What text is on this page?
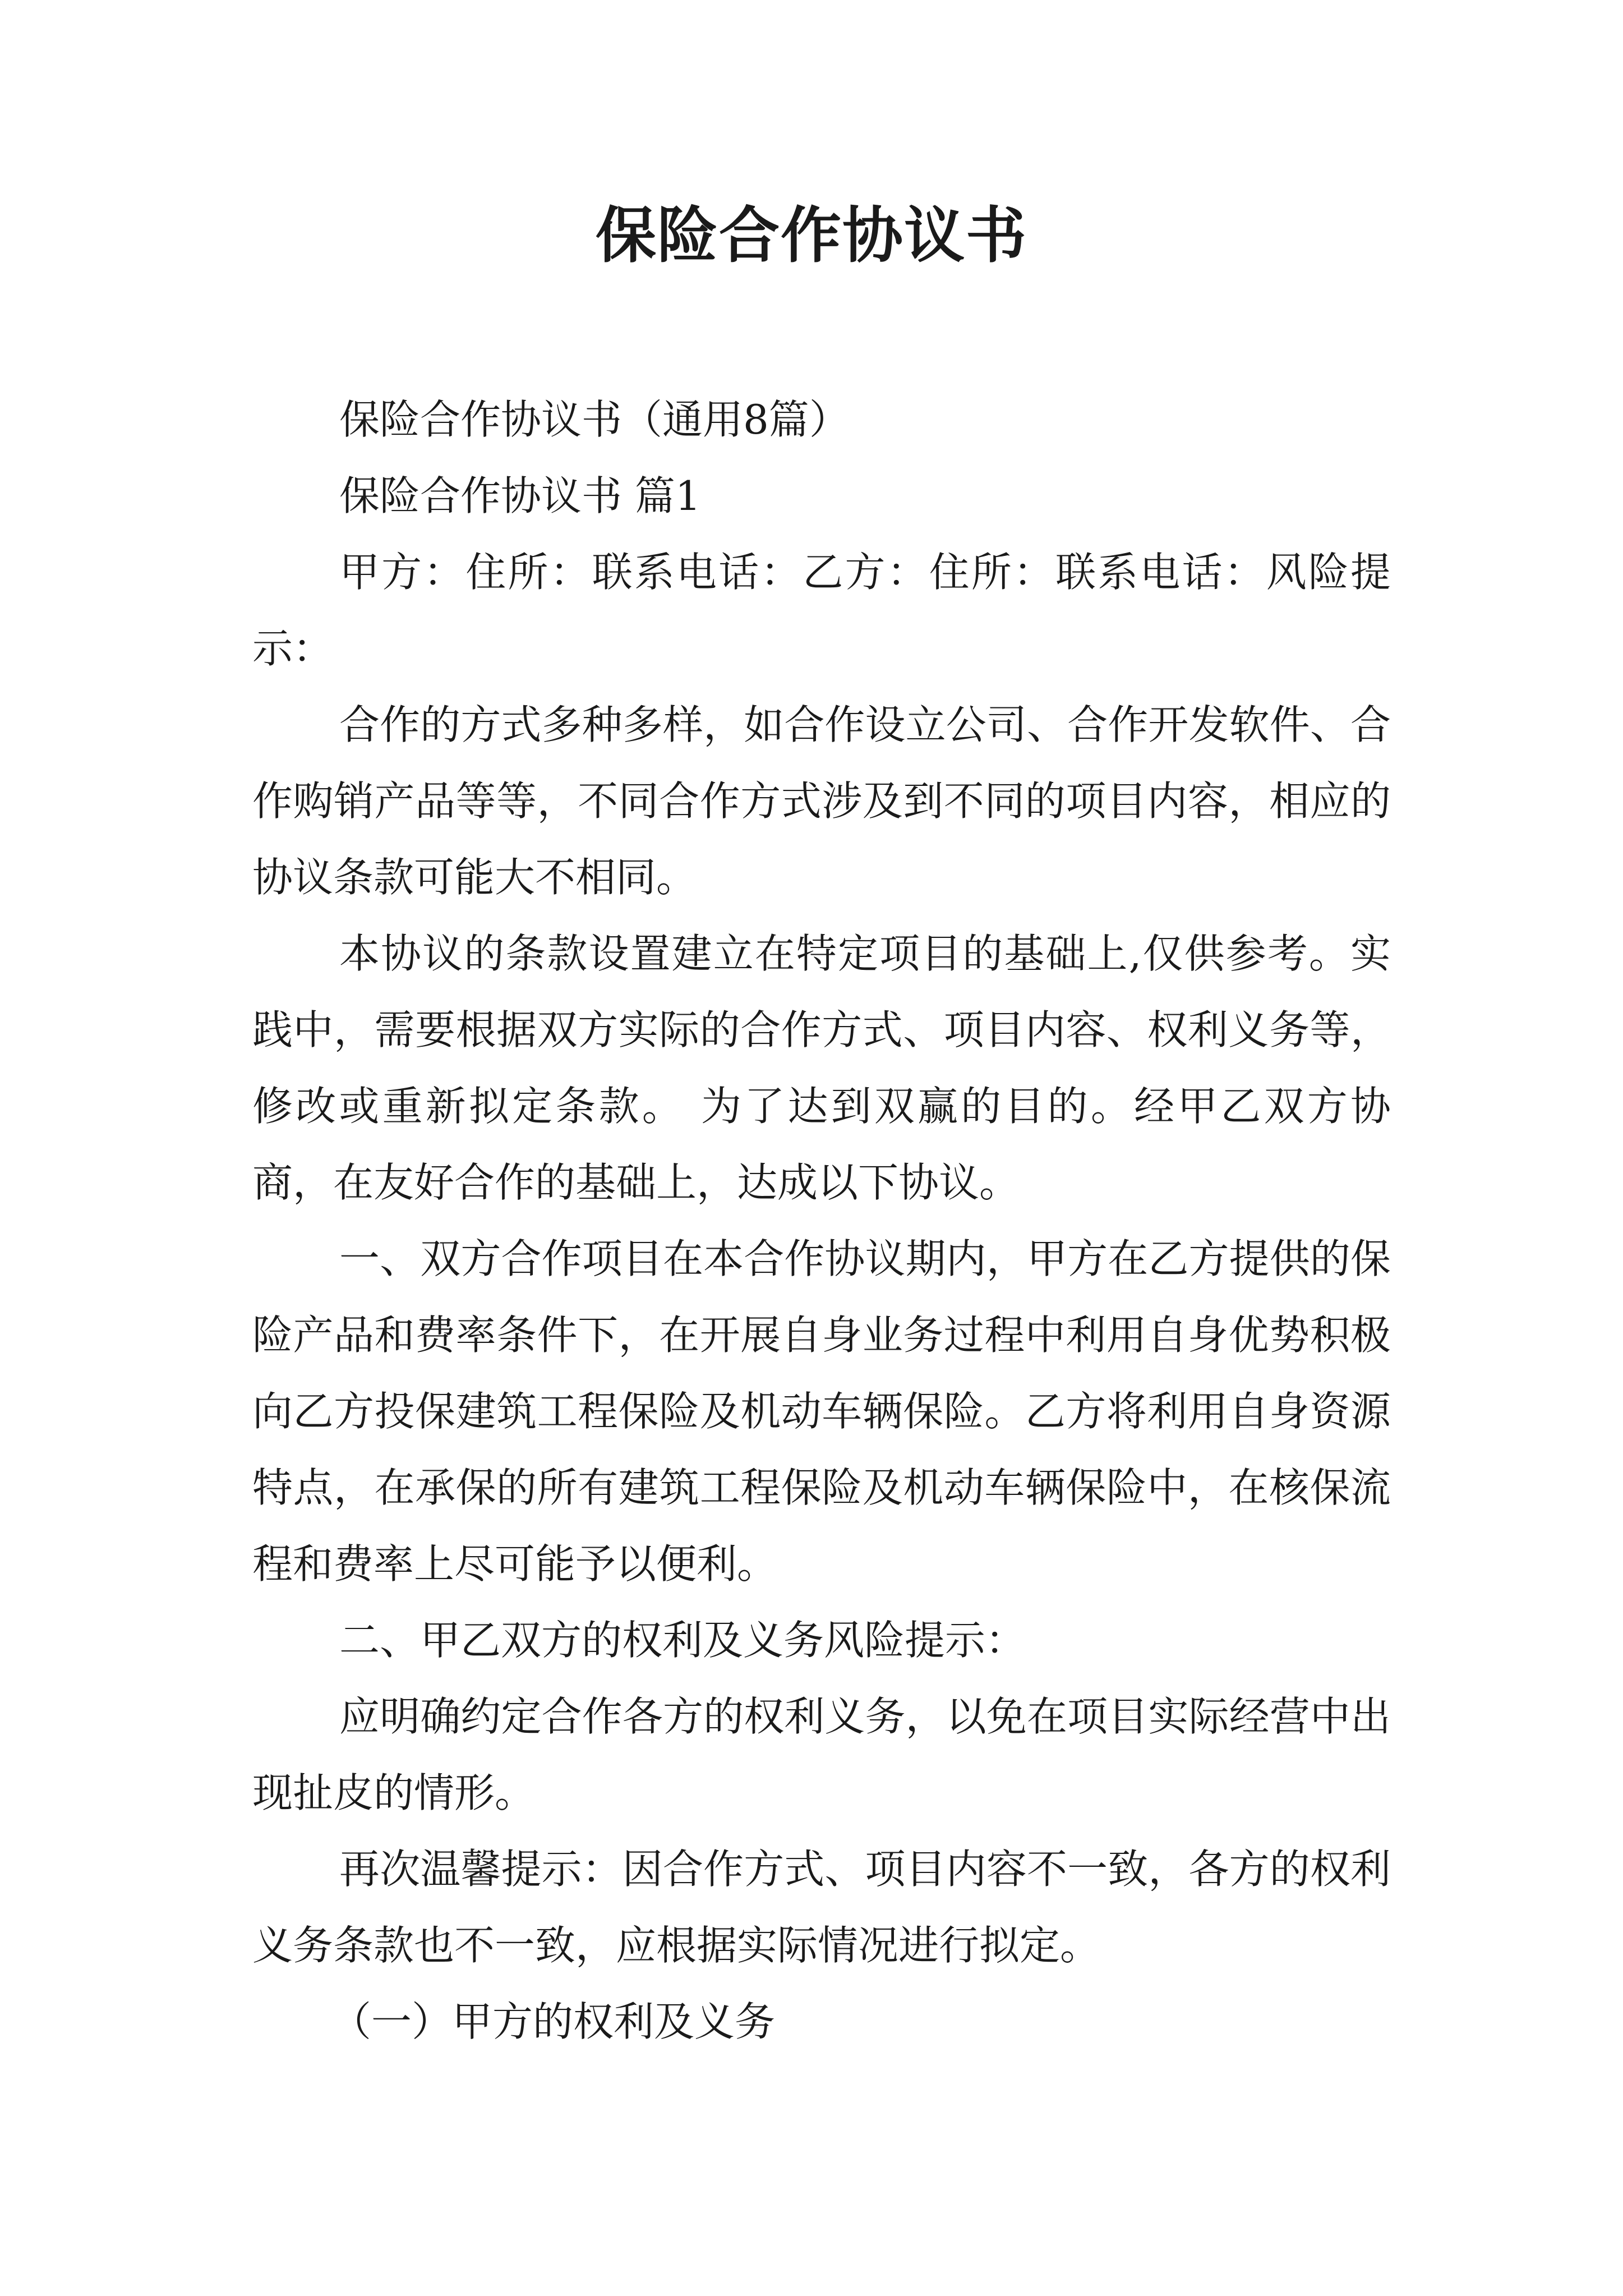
保险合作协议书

保险合作协议书（通用8篇）

保险合作协议书 篇1

甲方：住所：联系电话：乙方：住所：联系电话：风险提示：

合作的方式多种多样，如合作设立公司、合作开发软件、合作购销产品等等，不同合作方式涉及到不同的项目内容，相应的协议条款可能大不相同。

本协议的条款设置建立在特定项目的基础上,仅供参考。实践中，需要根据双方实际的合作方式、项目内容、权利义务等，修改或重新拟定条款。 为了达到双赢的目的。经甲乙双方协商，在友好合作的基础上，达成以下协议。

一、双方合作项目在本合作协议期内，甲方在乙方提供的保险产品和费率条件下，在开展自身业务过程中利用自身优势积极向乙方投保建筑工程保险及机动车辆保险。乙方将利用自身资源特点，在承保的所有建筑工程保险及机动车辆保险中，在核保流程和费率上尽可能予以便利。

二、甲乙双方的权利及义务风险提示：

应明确约定合作各方的权利义务，以免在项目实际经营中出现扯皮的情形。

再次温馨提示：因合作方式、项目内容不一致，各方的权利义务条款也不一致，应根据实际情况进行拟定。

（一）甲方的权利及义务
